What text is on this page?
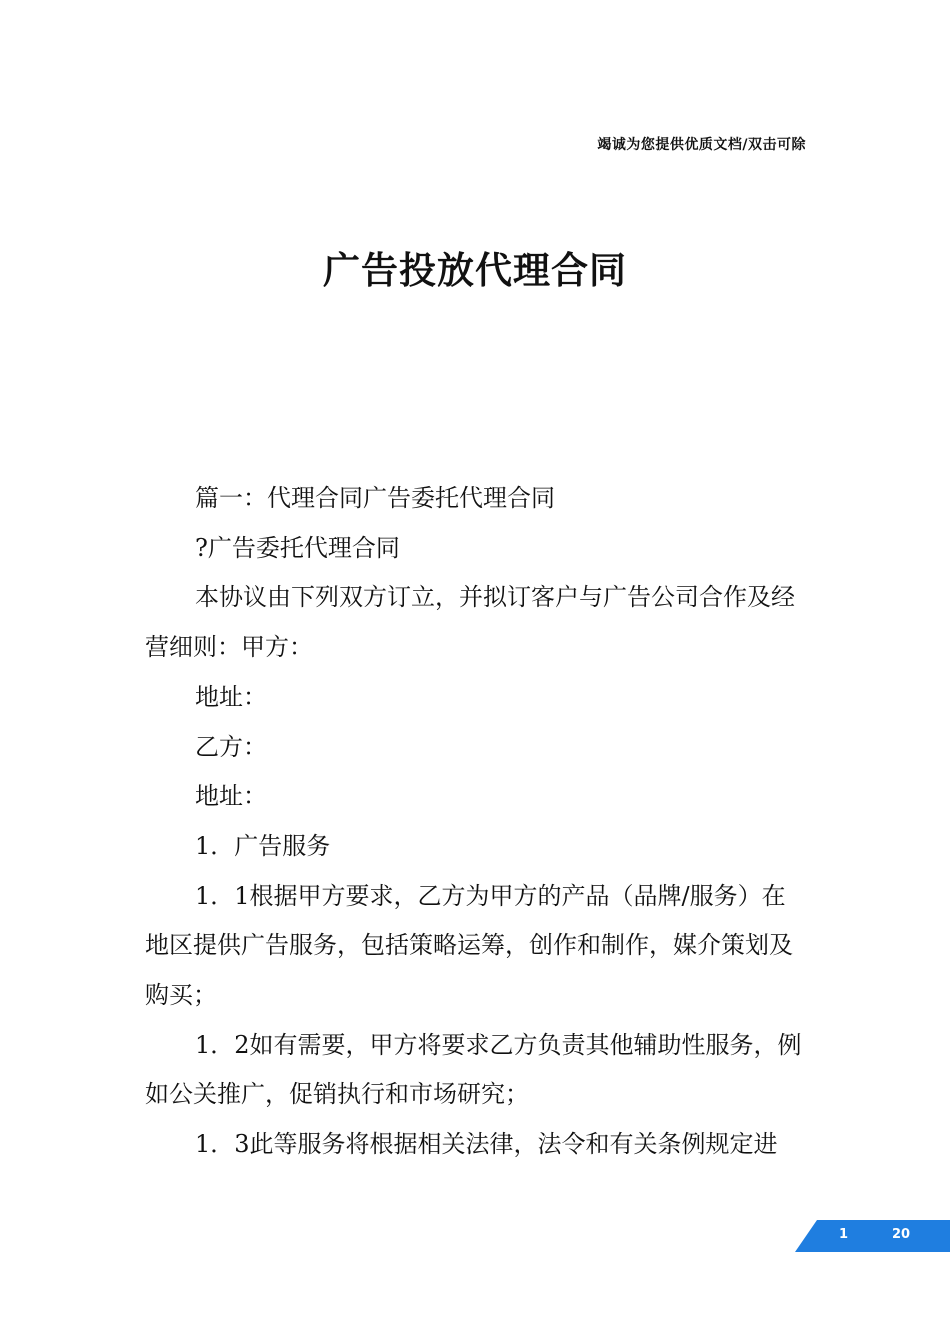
竭诚为您提供优质文档/双击可除
广告投放代理合同

篇一：代理合同广告委托代理合同

?广告委托代理合同

本协议由下列双方订立，并拟订客户与广告公司合作及经营细则：甲方：

地址：

乙方：

地址：

1．广告服务

1．1根据甲方要求，乙方为甲方的产品（品牌/服务）在地区提供广告服务，包括策略运筹，创作和制作，媒介策划及购买；

1．2如有需要，甲方将要求乙方负责其他辅助性服务，例如公关推广，促销执行和市场研究；

1．3此等服务将根据相关法律，法令和有关条例规定进

1	20
